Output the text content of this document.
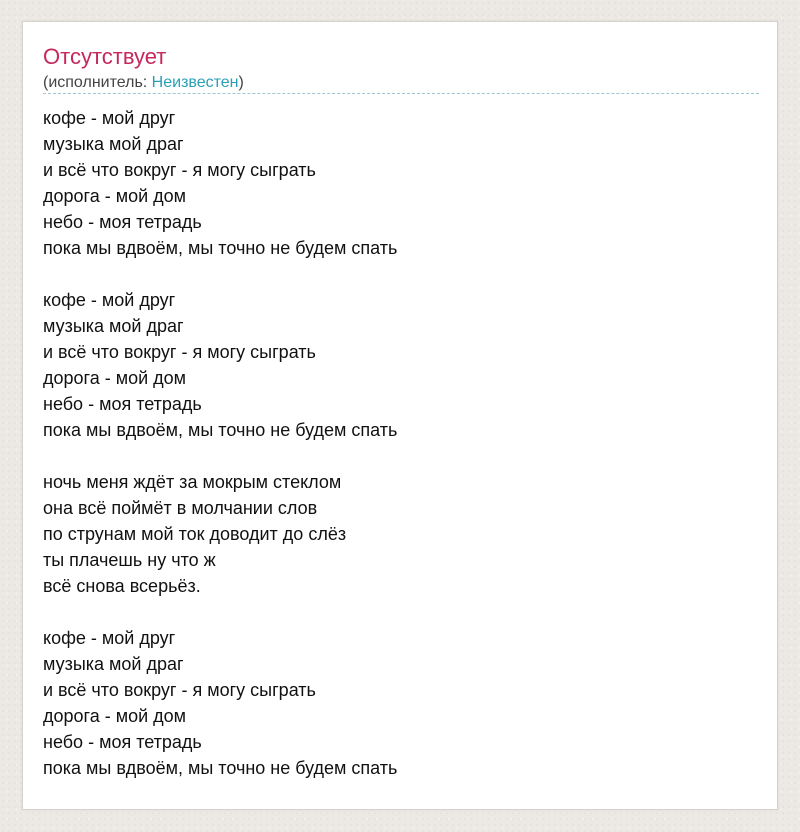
Отсутствует
(исполнитель: Неизвестен)
кофе - мой друг
музыка мой драг
и всё что вокруг - я могу сыграть
дорога - мой дом
небо - моя тетрадь
пока мы вдвоём, мы точно не будем спать
кофе - мой друг
музыка мой драг
и всё что вокруг - я могу сыграть
дорога - мой дом
небо - моя тетрадь
пока мы вдвоём, мы точно не будем спать
ночь меня ждёт за мокрым стеклом
она всё поймёт в молчании слов
по струнам мой ток доводит до слёз
ты плачешь ну что ж
всё снова всерьёз.
кофе - мой друг
музыка мой драг
и всё что вокруг - я могу сыграть
дорога - мой дом
небо - моя тетрадь
пока мы вдвоём, мы точно не будем спать
